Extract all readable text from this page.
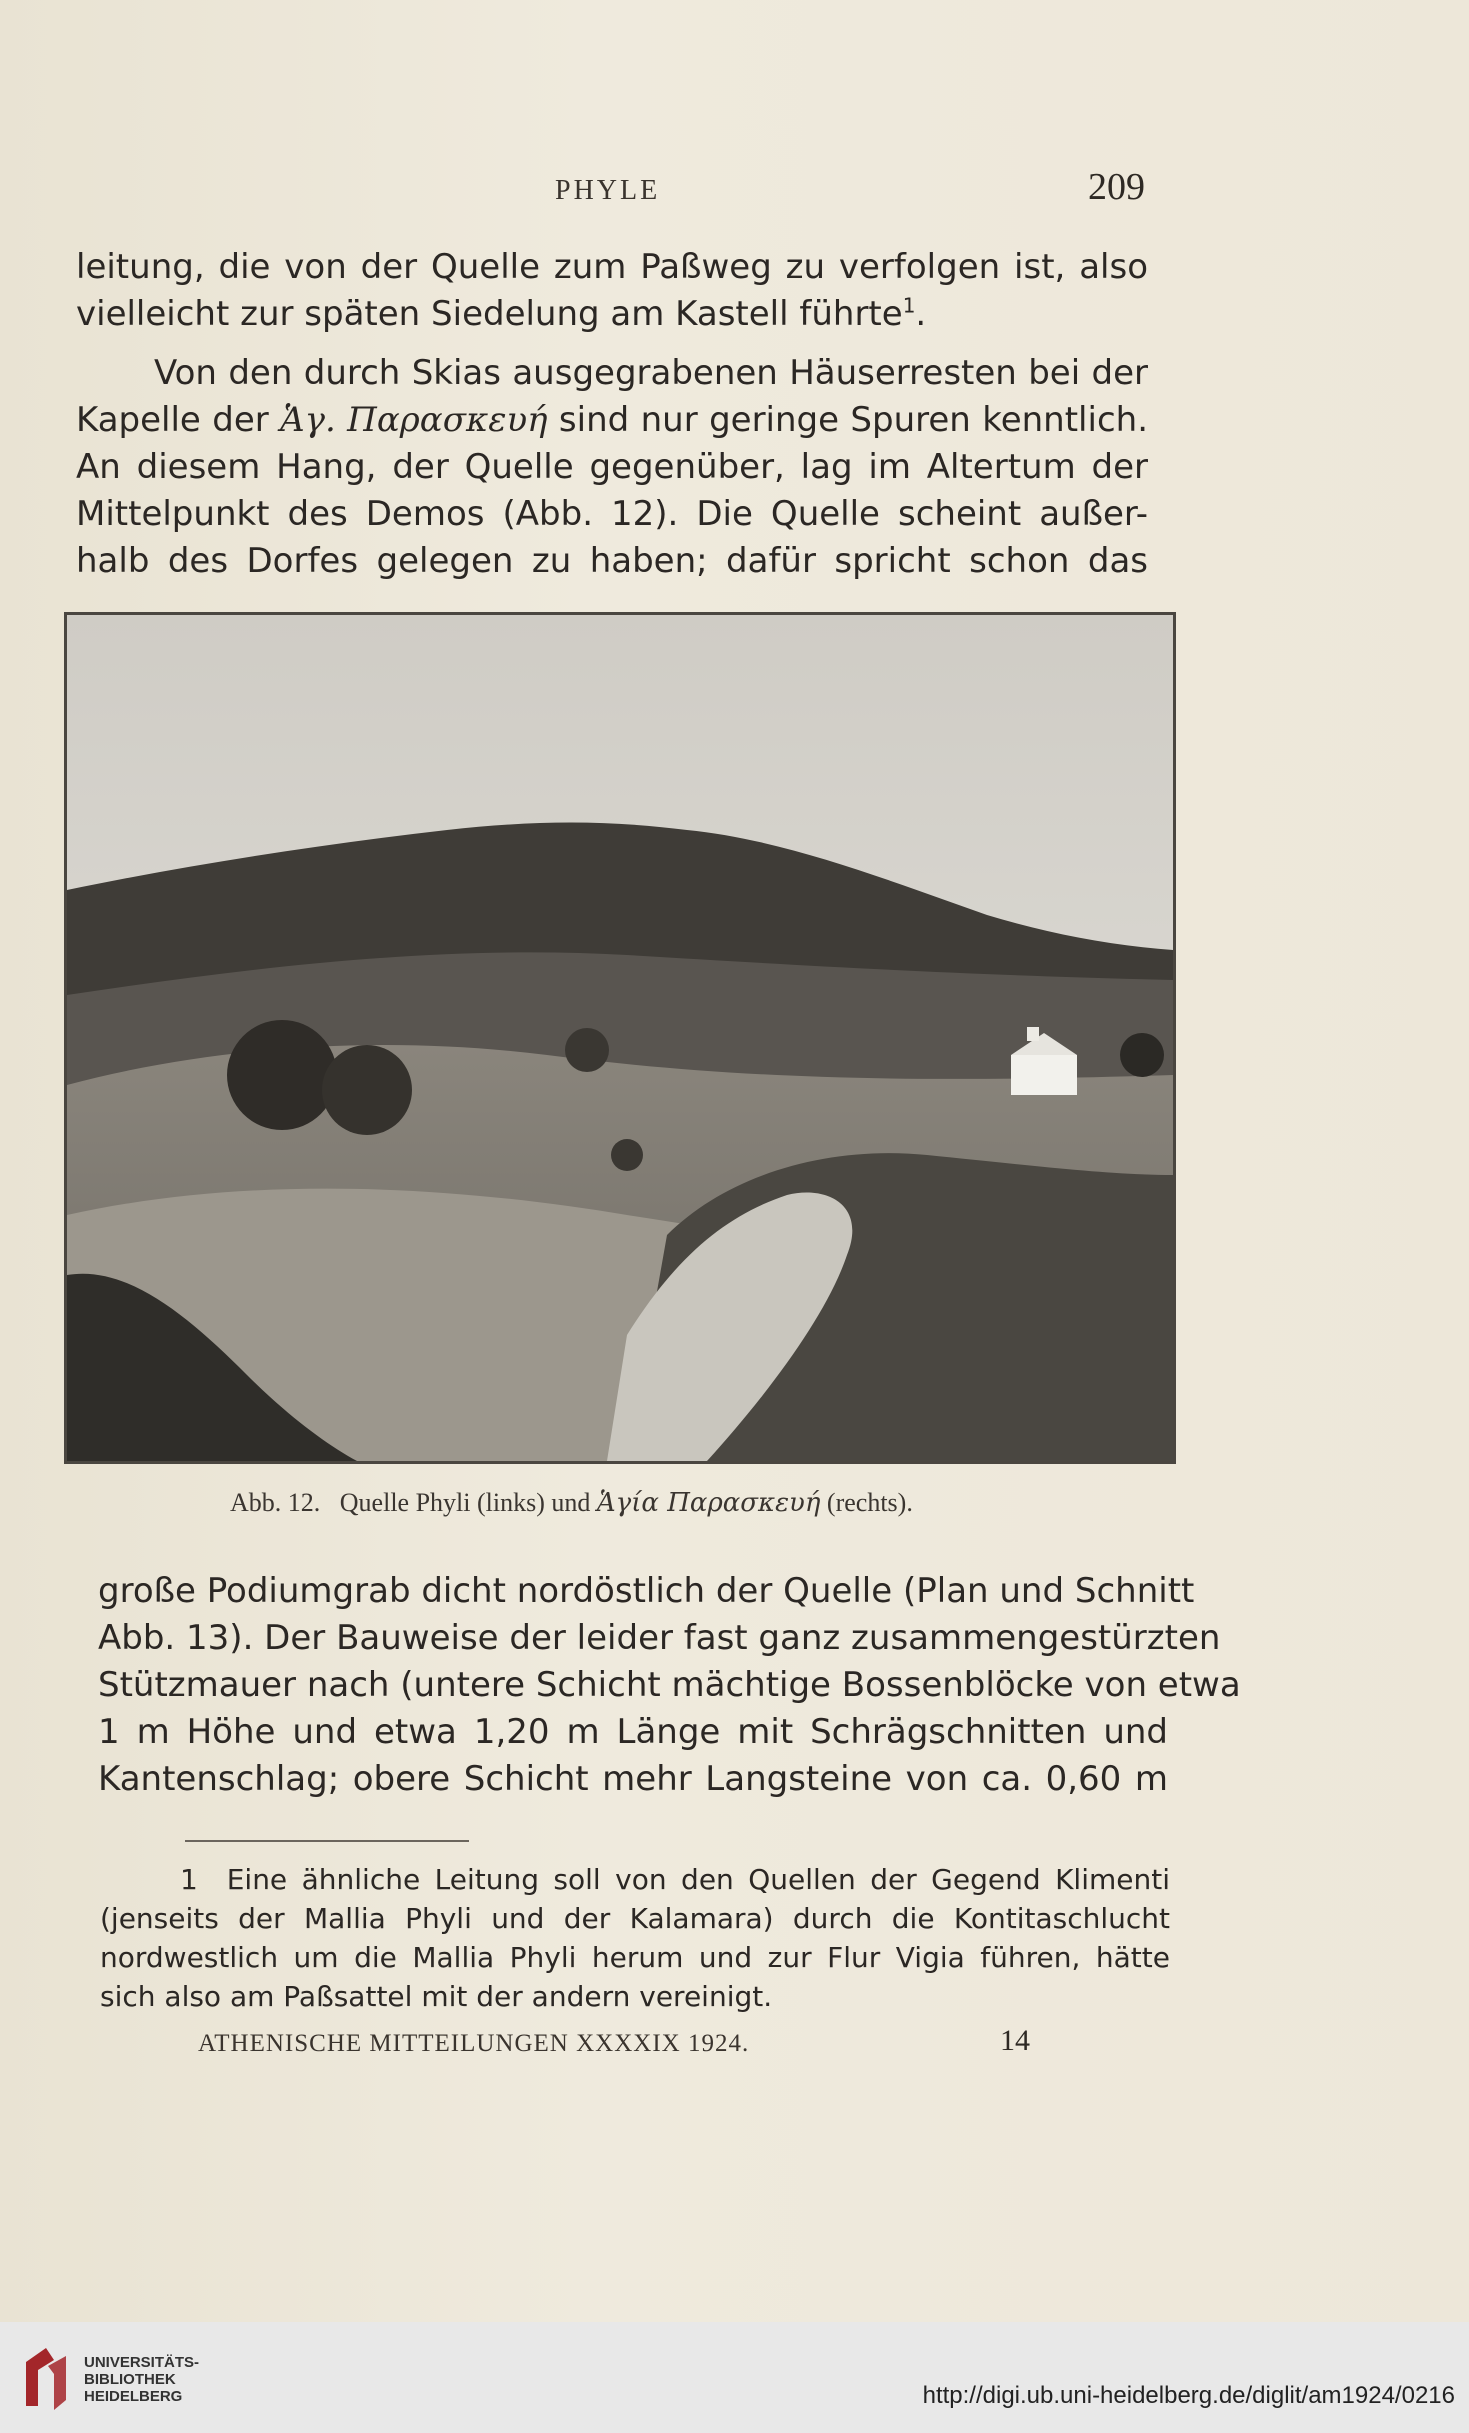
PHYLE	209
leitung, die von der Quelle zum Paßweg zu verfolgen ist, also
vielleicht zur späten Siedelung am Kastell führte$^1$.
Von den durch Skias ausgegrabenen Häuserresten bei der
Kapelle der Ἁγ. Παρασκευή sind nur geringe Spuren kenntlich.
An diesem Hang, der Quelle gegenüber, lag im Altertum der
Mittelpunkt des Demos (Abb. 12). Die Quelle scheint außer-
halb des Dorfes gelegen zu haben; dafür spricht schon das
Abb. 12. Quelle Phyli (links) und Ἁγία Παρασκευή (rechts).
große Podiumgrab dicht nordöstlich der Quelle (Plan und Schnitt
Abb. 13). Der Bauweise der leider fast ganz zusammengestürzten
Stützmauer nach (untere Schicht mächtige Bossenblöcke von etwa
1 m Höhe und etwa 1,20 m Länge mit Schrägschnitten und
Kantenschlag; obere Schicht mehr Langsteine von ca. 0,60 m
1 Eine ähnliche Leitung soll von den Quellen der Gegend Klimenti
(jenseits der Mallia Phyli und der Kalamara) durch die Kontitaschlucht
nordwestlich um die Mallia Phyli herum und zur Flur Vigia führen, hätte
sich also am Paßsattel mit der andern vereinigt.
ATHENISCHE MITTEILUNGEN XXXXIX 1924.	14
UNIVERSITÄTS-
BIBLIOTHEK
HEIDELBERG	http://digi.ub.uni-heidelberg.de/diglit/am1924/0216
